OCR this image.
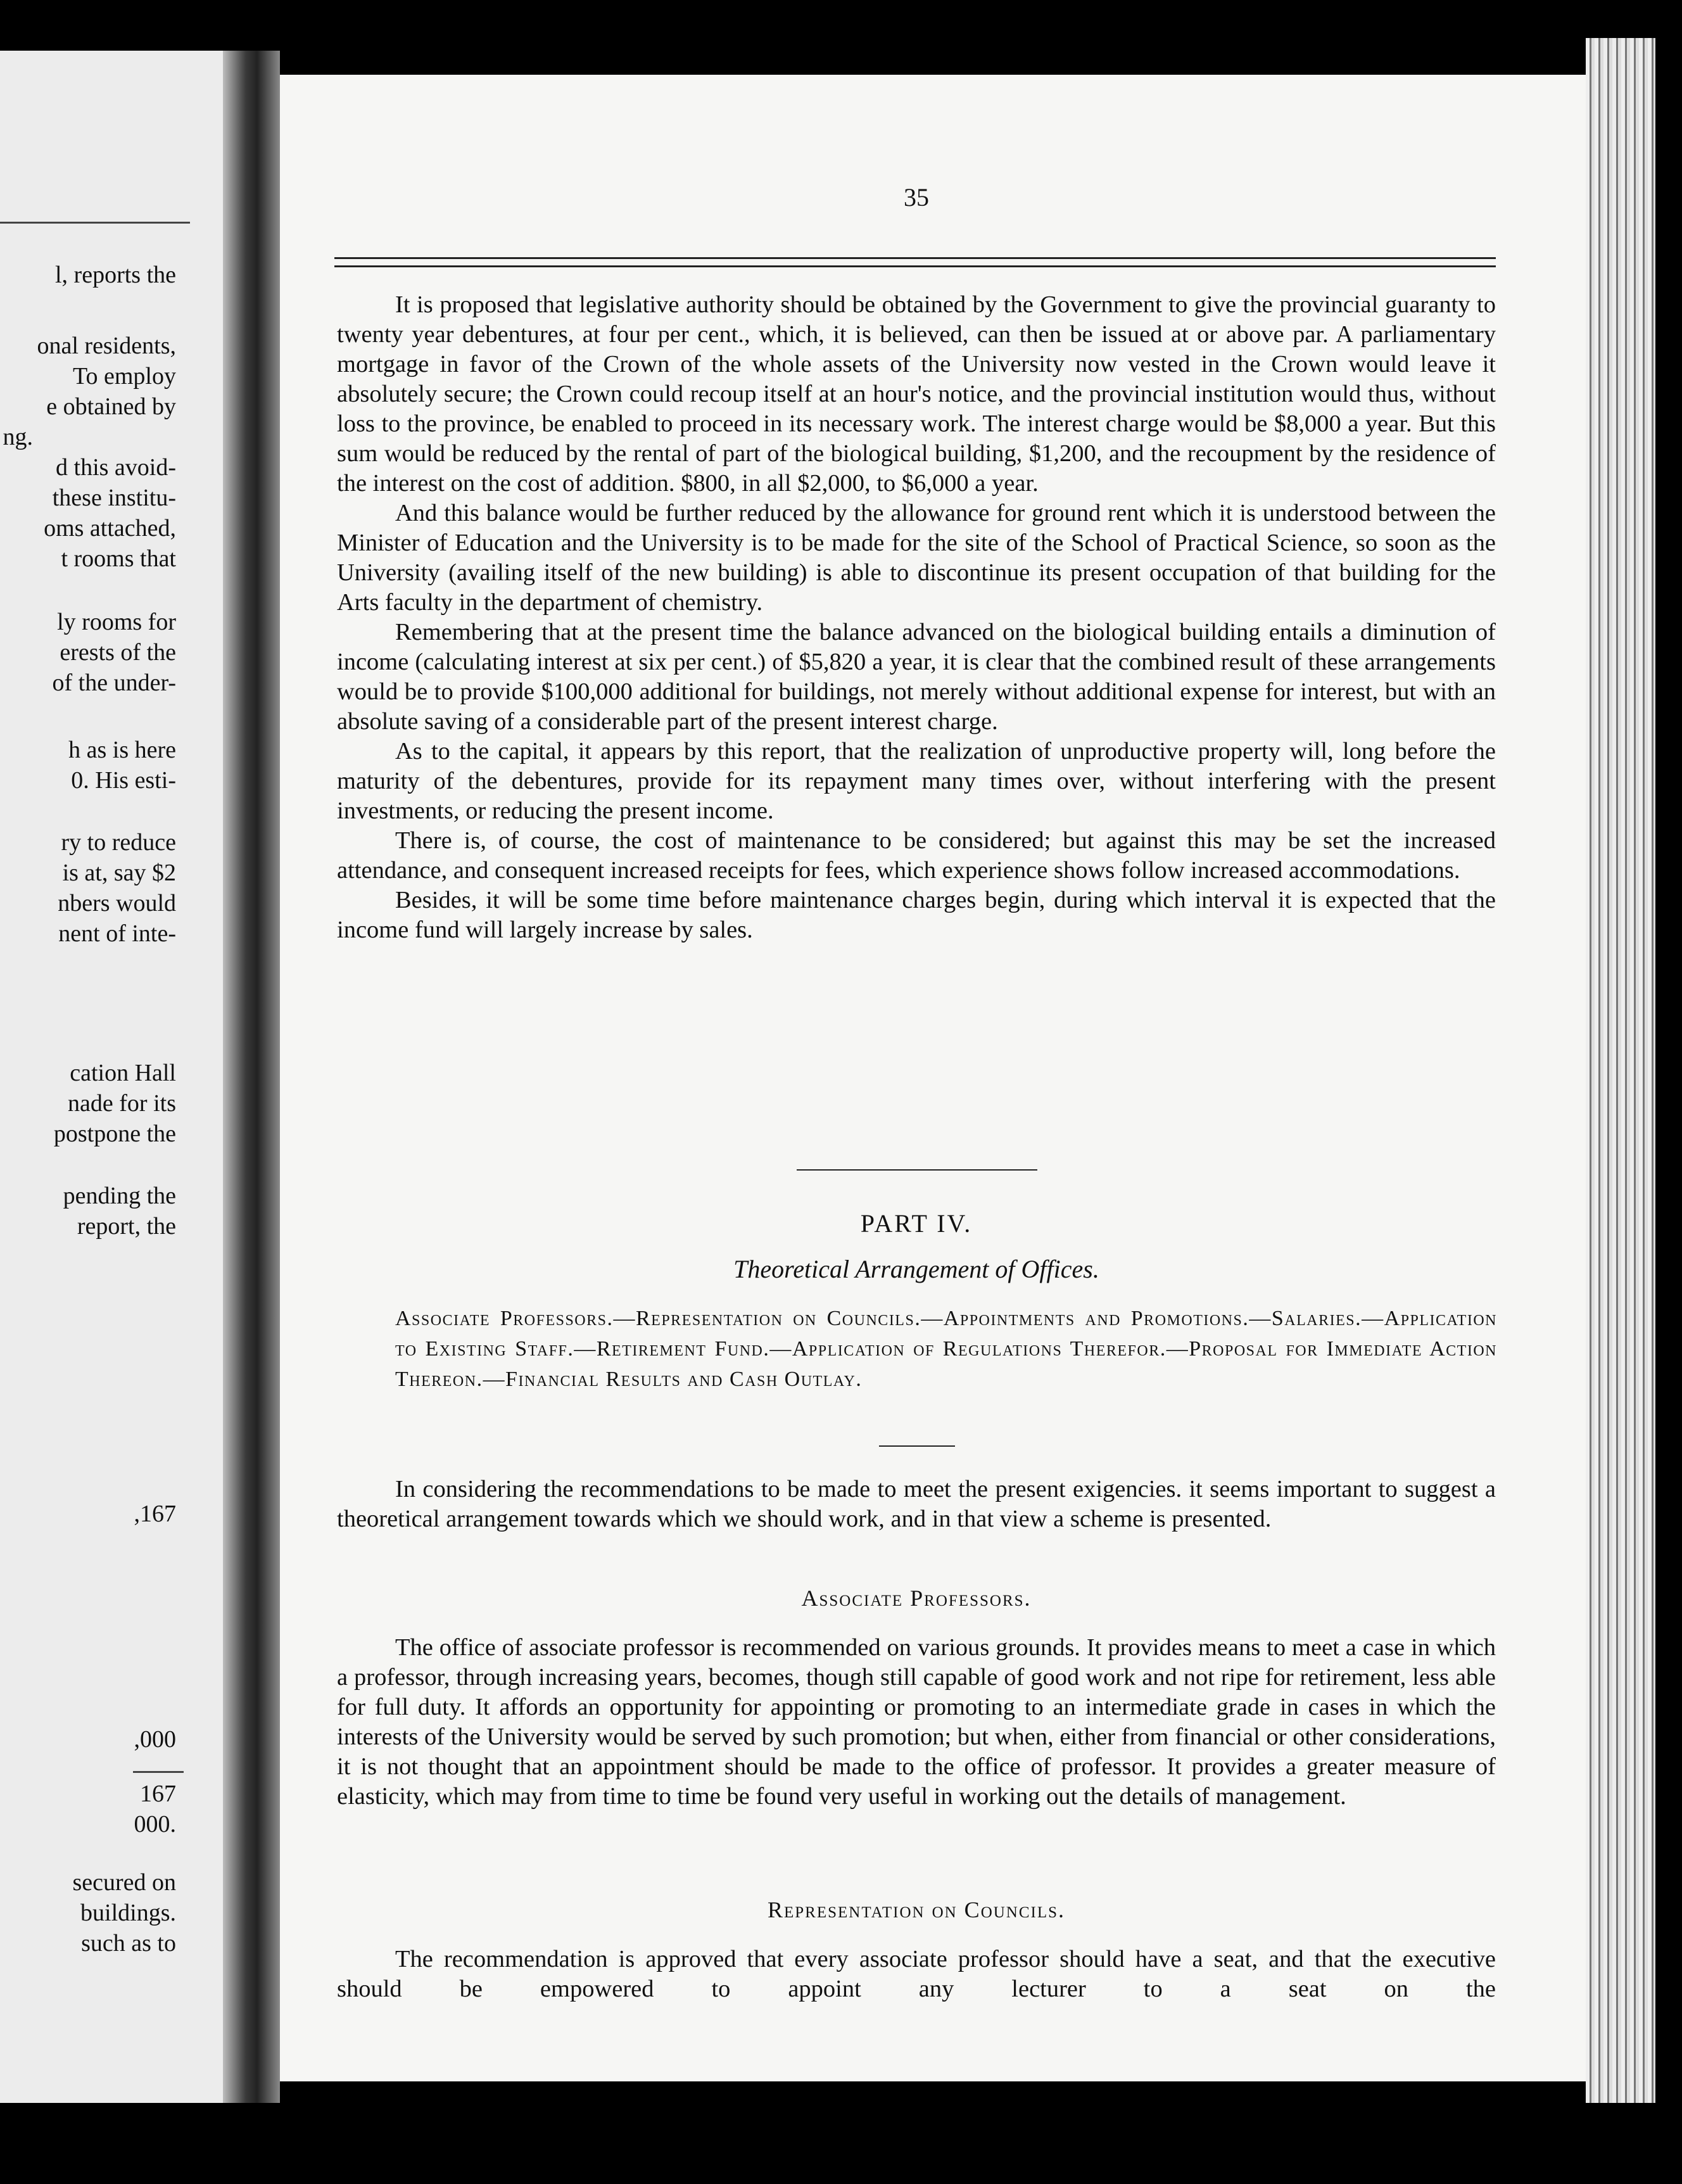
l, reports the
onal residents,
To employ
e obtained by
ng.
d this avoid-
these institu-
oms attached,
t rooms that
ly rooms for
erests of the
of the under-
h as is here
0. His esti-
ry to reduce
is at, say $2
nbers would
nent of inte-
cation Hall
nade for its
postpone the
pending the
report, the
,167
,000
167
000.
secured on
buildings.
such as to
35

It is proposed that legislative authority should be obtained by the Government to give the provincial guaranty to twenty year debentures, at four per cent., which, it is believed, can then be issued at or above par. A parliamentary mortgage in favor of the Crown of the whole assets of the University now vested in the Crown would leave it absolutely secure; the Crown could recoup itself at an hour's notice, and the provincial institution would thus, without loss to the province, be enabled to proceed in its necessary work. The interest charge would be $8,000 a year. But this sum would be reduced by the rental of part of the biological building, $1,200, and the recoupment by the residence of the interest on the cost of addition. $800, in all $2,000, to $6,000 a year.

And this balance would be further reduced by the allowance for ground rent which it is understood between the Minister of Education and the University is to be made for the site of the School of Practical Science, so soon as the University (availing itself of the new building) is able to discontinue its present occupation of that building for the Arts faculty in the department of chemistry.

Remembering that at the present time the balance advanced on the biological building entails a diminution of income (calculating interest at six per cent.) of $5,820 a year, it is clear that the combined result of these arrangements would be to provide $100,000 additional for buildings, not merely without additional expense for interest, but with an absolute saving of a considerable part of the present interest charge.

As to the capital, it appears by this report, that the realization of unproductive property will, long before the maturity of the debentures, provide for its repayment many times over, without interfering with the present investments, or reducing the present income.

There is, of course, the cost of maintenance to be considered; but against this may be set the increased attendance, and consequent increased receipts for fees, which experience shows follow increased accommodations.

Besides, it will be some time before maintenance charges begin, during which interval it is expected that the income fund will largely increase by sales.

PART IV.
Theoretical Arrangement of Offices.
Associate Professors.—Representation on Councils.—Appointments and Promotions.—Salaries.—Application to Existing Staff.—Retirement Fund.—Application of Regulations Therefor.—Proposal for Immediate Action Thereon.—Financial Results and Cash Outlay.

In considering the recommendations to be made to meet the present exigencies. it seems important to suggest a theoretical arrangement towards which we should work, and in that view a scheme is presented.

Associate Professors.

The office of associate professor is recommended on various grounds. It provides means to meet a case in which a professor, through increasing years, becomes, though still capable of good work and not ripe for retirement, less able for full duty. It affords an opportunity for appointing or promoting to an intermediate grade in cases in which the interests of the University would be served by such promotion; but when, either from financial or other considerations, it is not thought that an appointment should be made to the office of professor. It provides a greater measure of elasticity, which may from time to time be found very useful in working out the details of management.

Representation on Councils.

The recommendation is approved that every associate professor should have a seat, and that the executive should be empowered to appoint any lecturer to a seat on the
